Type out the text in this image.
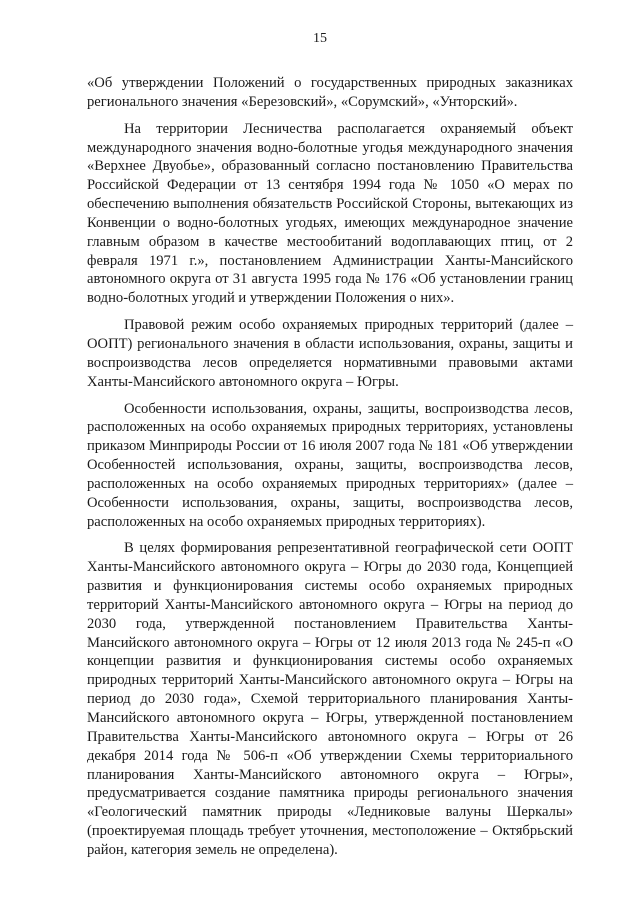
15

«Об утверждении Положений о государственных природных заказниках регионального значения «Березовский», «Сорумский», «Унторский».

На территории Лесничества располагается охраняемый объект международного значения водно-болотные угодья международного значения «Верхнее Двуобье», образованный согласно постановлению Правительства Российской Федерации от 13 сентября 1994 года № 1050 «О мерах по обеспечению выполнения обязательств Российской Стороны, вытекающих из Конвенции о водно-болотных угодьях, имеющих международное значение главным образом в качестве местообитаний водоплавающих птиц, от 2 февраля 1971 г.», постановлением Администрации Ханты-Мансийского автономного округа от 31 августа 1995 года № 176 «Об установлении границ водно-болотных угодий и утверждении Положения о них».

Правовой режим особо охраняемых природных территорий (далее – ООПТ) регионального значения в области использования, охраны, защиты и воспроизводства лесов определяется нормативными правовыми актами Ханты-Мансийского автономного округа – Югры.

Особенности использования, охраны, защиты, воспроизводства лесов, расположенных на особо охраняемых природных территориях, установлены приказом Минприроды России от 16 июля 2007 года № 181 «Об утверждении Особенностей использования, охраны, защиты, воспроизводства лесов, расположенных на особо охраняемых природных территориях» (далее – Особенности использования, охраны, защиты, воспроизводства лесов, расположенных на особо охраняемых природных территориях).

В целях формирования репрезентативной географической сети ООПТ Ханты-Мансийского автономного округа – Югры до 2030 года, Концепцией развития и функционирования системы особо охраняемых природных территорий Ханты-Мансийского автономного округа – Югры на период до 2030 года, утвержденной постановлением Правительства Ханты-Мансийского автономного округа – Югры от 12 июля 2013 года № 245-п «О концепции развития и функционирования системы особо охраняемых природных территорий Ханты-Мансийского автономного округа – Югры на период до 2030 года», Схемой территориального планирования Ханты-Мансийского автономного округа – Югры, утвержденной постановлением Правительства Ханты-Мансийского автономного округа – Югры от 26 декабря 2014 года № 506-п «Об утверждении Схемы территориального планирования Ханты-Мансийского автономного округа – Югры», предусматривается создание памятника природы регионального значения «Геологический памятник природы «Ледниковые валуны Шеркалы» (проектируемая площадь требует уточнения, местоположение – Октябрьский район, категория земель не определена).
